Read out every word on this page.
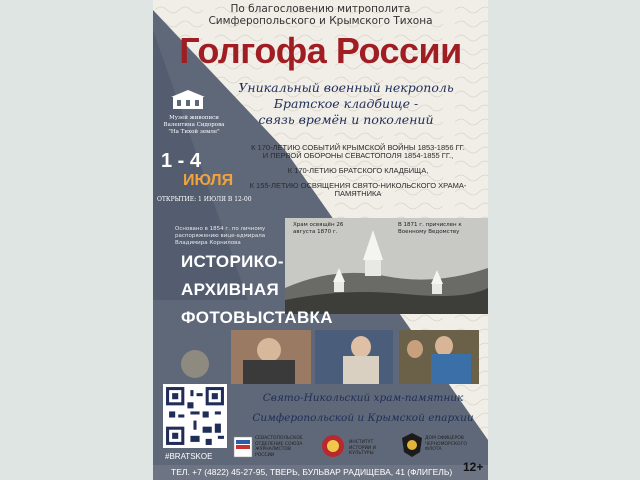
По благословению митрополита
Симферопольского и Крымского Тихона
Голгофа России
Уникальный военный некрополь
Братское кладбище -
связь времён и поколений
Музей живописи
Валентина Сидорова
"На Тихой земле"
1 - 4
ИЮЛЯ
ОТКРЫТИЕ: 1 ИЮЛЯ В 12-00
К 170-ЛЕТИЮ СОБЫТИЙ КРЫМСКОЙ ВОЙНЫ 1853-1856 ГГ.
И ПЕРВОЙ ОБОРОНЫ СЕВАСТОПОЛЯ 1854-1855 ГГ.,
К 170-ЛЕТИЮ БРАТСКОГО КЛАДБИЩА,
К 155-ЛЕТИЮ ОСВЯЩЕНИЯ СВЯТО-НИКОЛЬСКОГО ХРАМА-
ПАМЯТНИКА
Основано в 1854 г. по личному распоряжению вице-адмирала Владимира Корнилова
Храм освящён 26 августа 1870 г.
В 1871 г. причислен к Военному Ведомству
ИСТОРИКО-
АРХИВНАЯ
ФОТОВЫСТАВКА
Свято-Никольский храм-памятник
Симферопольской и Крымской епархии
#BRATSKOE
СЕВАСТОПОЛЬСКОЕ ОТДЕЛЕНИЕ СОЮЗА ЖУРНАЛИСТОВ РОССИИ
ИНСТИТУТ ИСТОРИИ И КУЛЬТУРЫ
ДОМ ОФИЦЕРОВ ЧЕРНОМОРСКОГО ФЛОТА
ТЕЛ. +7 (4822) 45-27-95, ТВЕРЬ, БУЛЬВАР РАДИЩЕВА, 41 (ФЛИГЕЛЬ) 12+
